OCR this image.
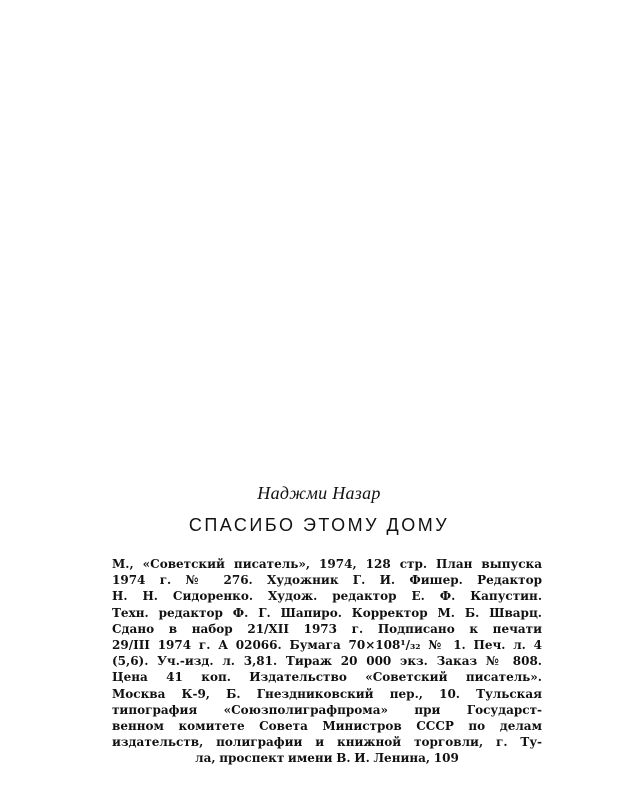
Наджми Назар
СПАСИБО ЭТОМУ ДОМУ
М., «Советский писатель», 1974, 128 стр. План выпуска
1974 г. № 276. Художник Г. И. Фишер. Редактор
Н. Н. Сидоренко. Худож. редактор Е. Ф. Капустин.
Техн. редактор Ф. Г. Шапиро. Корректор М. Б. Шварц.
Сдано в набор 21/XII 1973 г. Подписано к печати
29/III 1974 г. А 02066. Бумага 70×108¹/₃₂ № 1. Печ. л. 4
(5,6). Уч.-изд. л. 3,81. Тираж 20 000 экз. Заказ № 808.
Цена 41 коп. Издательство «Советский писатель».
Москва К-9, Б. Гнездниковский пер., 10. Тульская
типография «Союзполиграфпрома» при Государст-
венном комитете Совета Министров СССР по делам
издательств, полиграфии и книжной торговли, г. Ту-
ла, проспект имени В. И. Ленина, 109
